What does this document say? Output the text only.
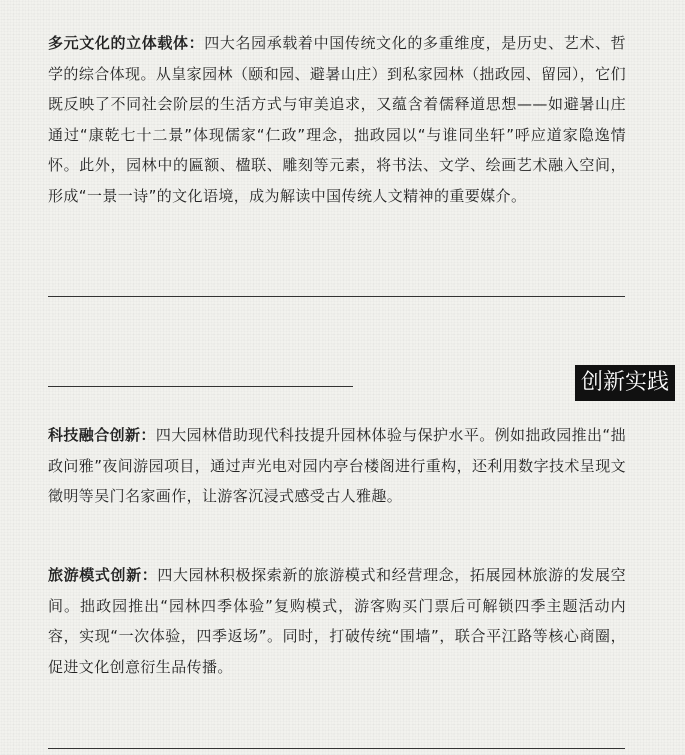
多元文化的立体载体：四大名园承载着中国传统文化的多重维度，是历史、艺术、哲学的综合体现。从皇家园林（颐和园、避暑山庄）到私家园林（拙政园、留园），它们既反映了不同社会阶层的生活方式与审美追求，又蕴含着儒释道思想——如避暑山庄通过“康乾七十二景”体现儒家“仁政”理念，拙政园以“与谁同坐轩”呼应道家隐逸情怀。此外，园林中的匾额、楹联、雕刻等元素，将书法、文学、绘画艺术融入空间，形成“一景一诗”的文化语境，成为解读中国传统人文精神的重要媒介。

创新实践

科技融合创新：四大园林借助现代科技提升园林体验与保护水平。例如拙政园推出“拙政问雅”夜间游园项目，通过声光电对园内亭台楼阁进行重构，还利用数字技术呈现文徵明等吴门名家画作，让游客沉浸式感受古人雅趣。

旅游模式创新：四大园林积极探索新的旅游模式和经营理念，拓展园林旅游的发展空间。拙政园推出“园林四季体验”复购模式，游客购买门票后可解锁四季主题活动内容，实现“一次体验，四季返场”。同时，打破传统“围墙”，联合平江路等核心商圈，促进文化创意衍生品传播。
